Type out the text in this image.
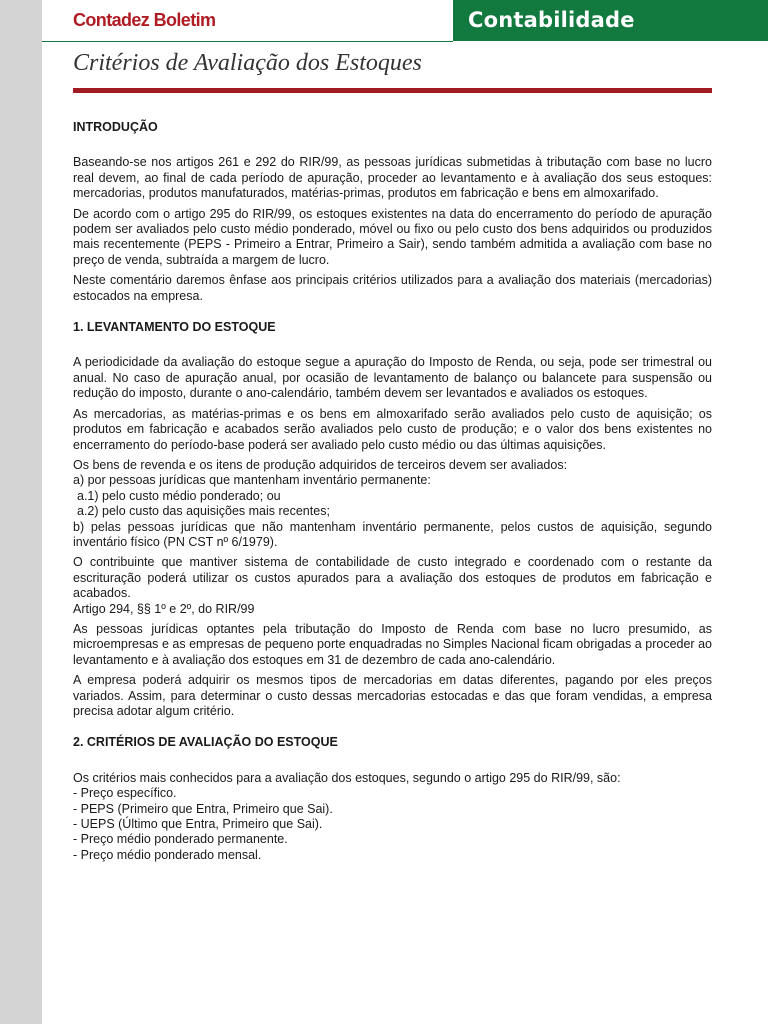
Contadez Boletim	Contabilidade
Critérios de Avaliação dos Estoques

INTRODUÇÃO

Baseando-se nos artigos 261 e 292 do RIR/99, as pessoas jurídicas submetidas à tributação com base no lucro real devem, ao final de cada período de apuração, proceder ao levantamento e à avaliação dos seus estoques: mercadorias, produtos manufaturados, matérias-primas, produtos em fabricação e bens em almoxarifado.

De acordo com o artigo 295 do RIR/99, os estoques existentes na data do encerramento do período de apuração podem ser avaliados pelo custo médio ponderado, móvel ou fixo ou pelo custo dos bens adquiridos ou produzidos mais recentemente (PEPS - Primeiro a Entrar, Primeiro a Sair), sendo também admitida a avaliação com base no preço de venda, subtraída a margem de lucro.

Neste comentário daremos ênfase aos principais critérios utilizados para a avaliação dos materiais (mercadorias) estocados na empresa.

1. LEVANTAMENTO DO ESTOQUE

A periodicidade da avaliação do estoque segue a apuração do Imposto de Renda, ou seja, pode ser trimestral ou anual. No caso de apuração anual, por ocasião de levantamento de balanço ou balancete para suspensão ou redução do imposto, durante o ano-calendário, também devem ser levantados e avaliados os estoques.

As mercadorias, as matérias-primas e os bens em almoxarifado serão avaliados pelo custo de aquisição; os produtos em fabricação e acabados serão avaliados pelo custo de produção; e o valor dos bens existentes no encerramento do período-base poderá ser avaliado pelo custo médio ou das últimas aquisições.

Os bens de revenda e os itens de produção adquiridos de terceiros devem ser avaliados:

a) por pessoas jurídicas que mantenham inventário permanente:

a.1) pelo custo médio ponderado; ou

a.2) pelo custo das aquisições mais recentes;

b) pelas pessoas jurídicas que não mantenham inventário permanente, pelos custos de aquisição, segundo inventário físico (PN CST nº 6/1979).

O contribuinte que mantiver sistema de contabilidade de custo integrado e coordenado com o restante da escrituração poderá utilizar os custos apurados para a avaliação dos estoques de produtos em fabricação e acabados.

Artigo 294, §§ 1º e 2º, do RIR/99

As pessoas jurídicas optantes pela tributação do Imposto de Renda com base no lucro presumido, as microempresas e as empresas de pequeno porte enquadradas no Simples Nacional ficam obrigadas a proceder ao levantamento e à avaliação dos estoques em 31 de dezembro de cada ano-calendário.

A empresa poderá adquirir os mesmos tipos de mercadorias em datas diferentes, pagando por eles preços variados. Assim, para determinar o custo dessas mercadorias estocadas e das que foram vendidas, a empresa precisa adotar algum critério.

2. CRITÉRIOS DE AVALIAÇÃO DO ESTOQUE

Os critérios mais conhecidos para a avaliação dos estoques, segundo o artigo 295 do RIR/99, são:

- Preço específico.

- PEPS (Primeiro que Entra, Primeiro que Sai).

- UEPS (Último que Entra, Primeiro que Sai).

- Preço médio ponderado permanente.

- Preço médio ponderado mensal.
